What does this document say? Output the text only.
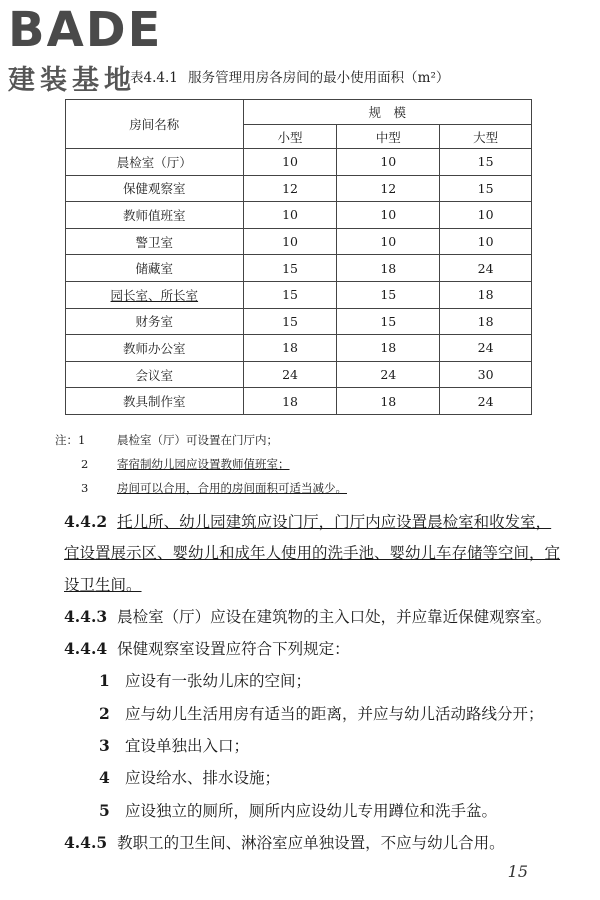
BADE
建装基地
表4.4.1 服务管理用房各房间的最小使用面积（m²）
房间名称	规　模		
	小型	中型	大型
晨检室（厅）	10	10	15
保健观察室	12	12	15
教师值班室	10	10	10
警卫室	10	10	10
储藏室	15	18	24
园长室、所长室	15	15	18
财务室	15	15	18
教师办公室	18	18	24
会议室	24	24	30
教具制作室	18	18	24
注：1	晨检室（厅）可设置在门厅内；
2	寄宿制幼儿园应设置教师值班室；
3	房间可以合用，合用的房间面积可适当减少。

4.4.2 托儿所、幼儿园建筑应设门厅，门厅内应设置晨检室和收发室，宜设置展示区、婴幼儿和成年人使用的洗手池、婴幼儿车存储等空间，宜设卫生间。

4.4.3 晨检室（厅）应设在建筑物的主入口处，并应靠近保健观察室。

4.4.4 保健观察室设置应符合下列规定：

1 应设有一张幼儿床的空间；

2 应与幼儿生活用房有适当的距离，并应与幼儿活动路线分开；

3 宜设单独出入口；

4 应设给水、排水设施；

5 应设独立的厕所，厕所内应设幼儿专用蹲位和洗手盆。

4.4.5 教职工的卫生间、淋浴室应单独设置，不应与幼儿合用。

15
